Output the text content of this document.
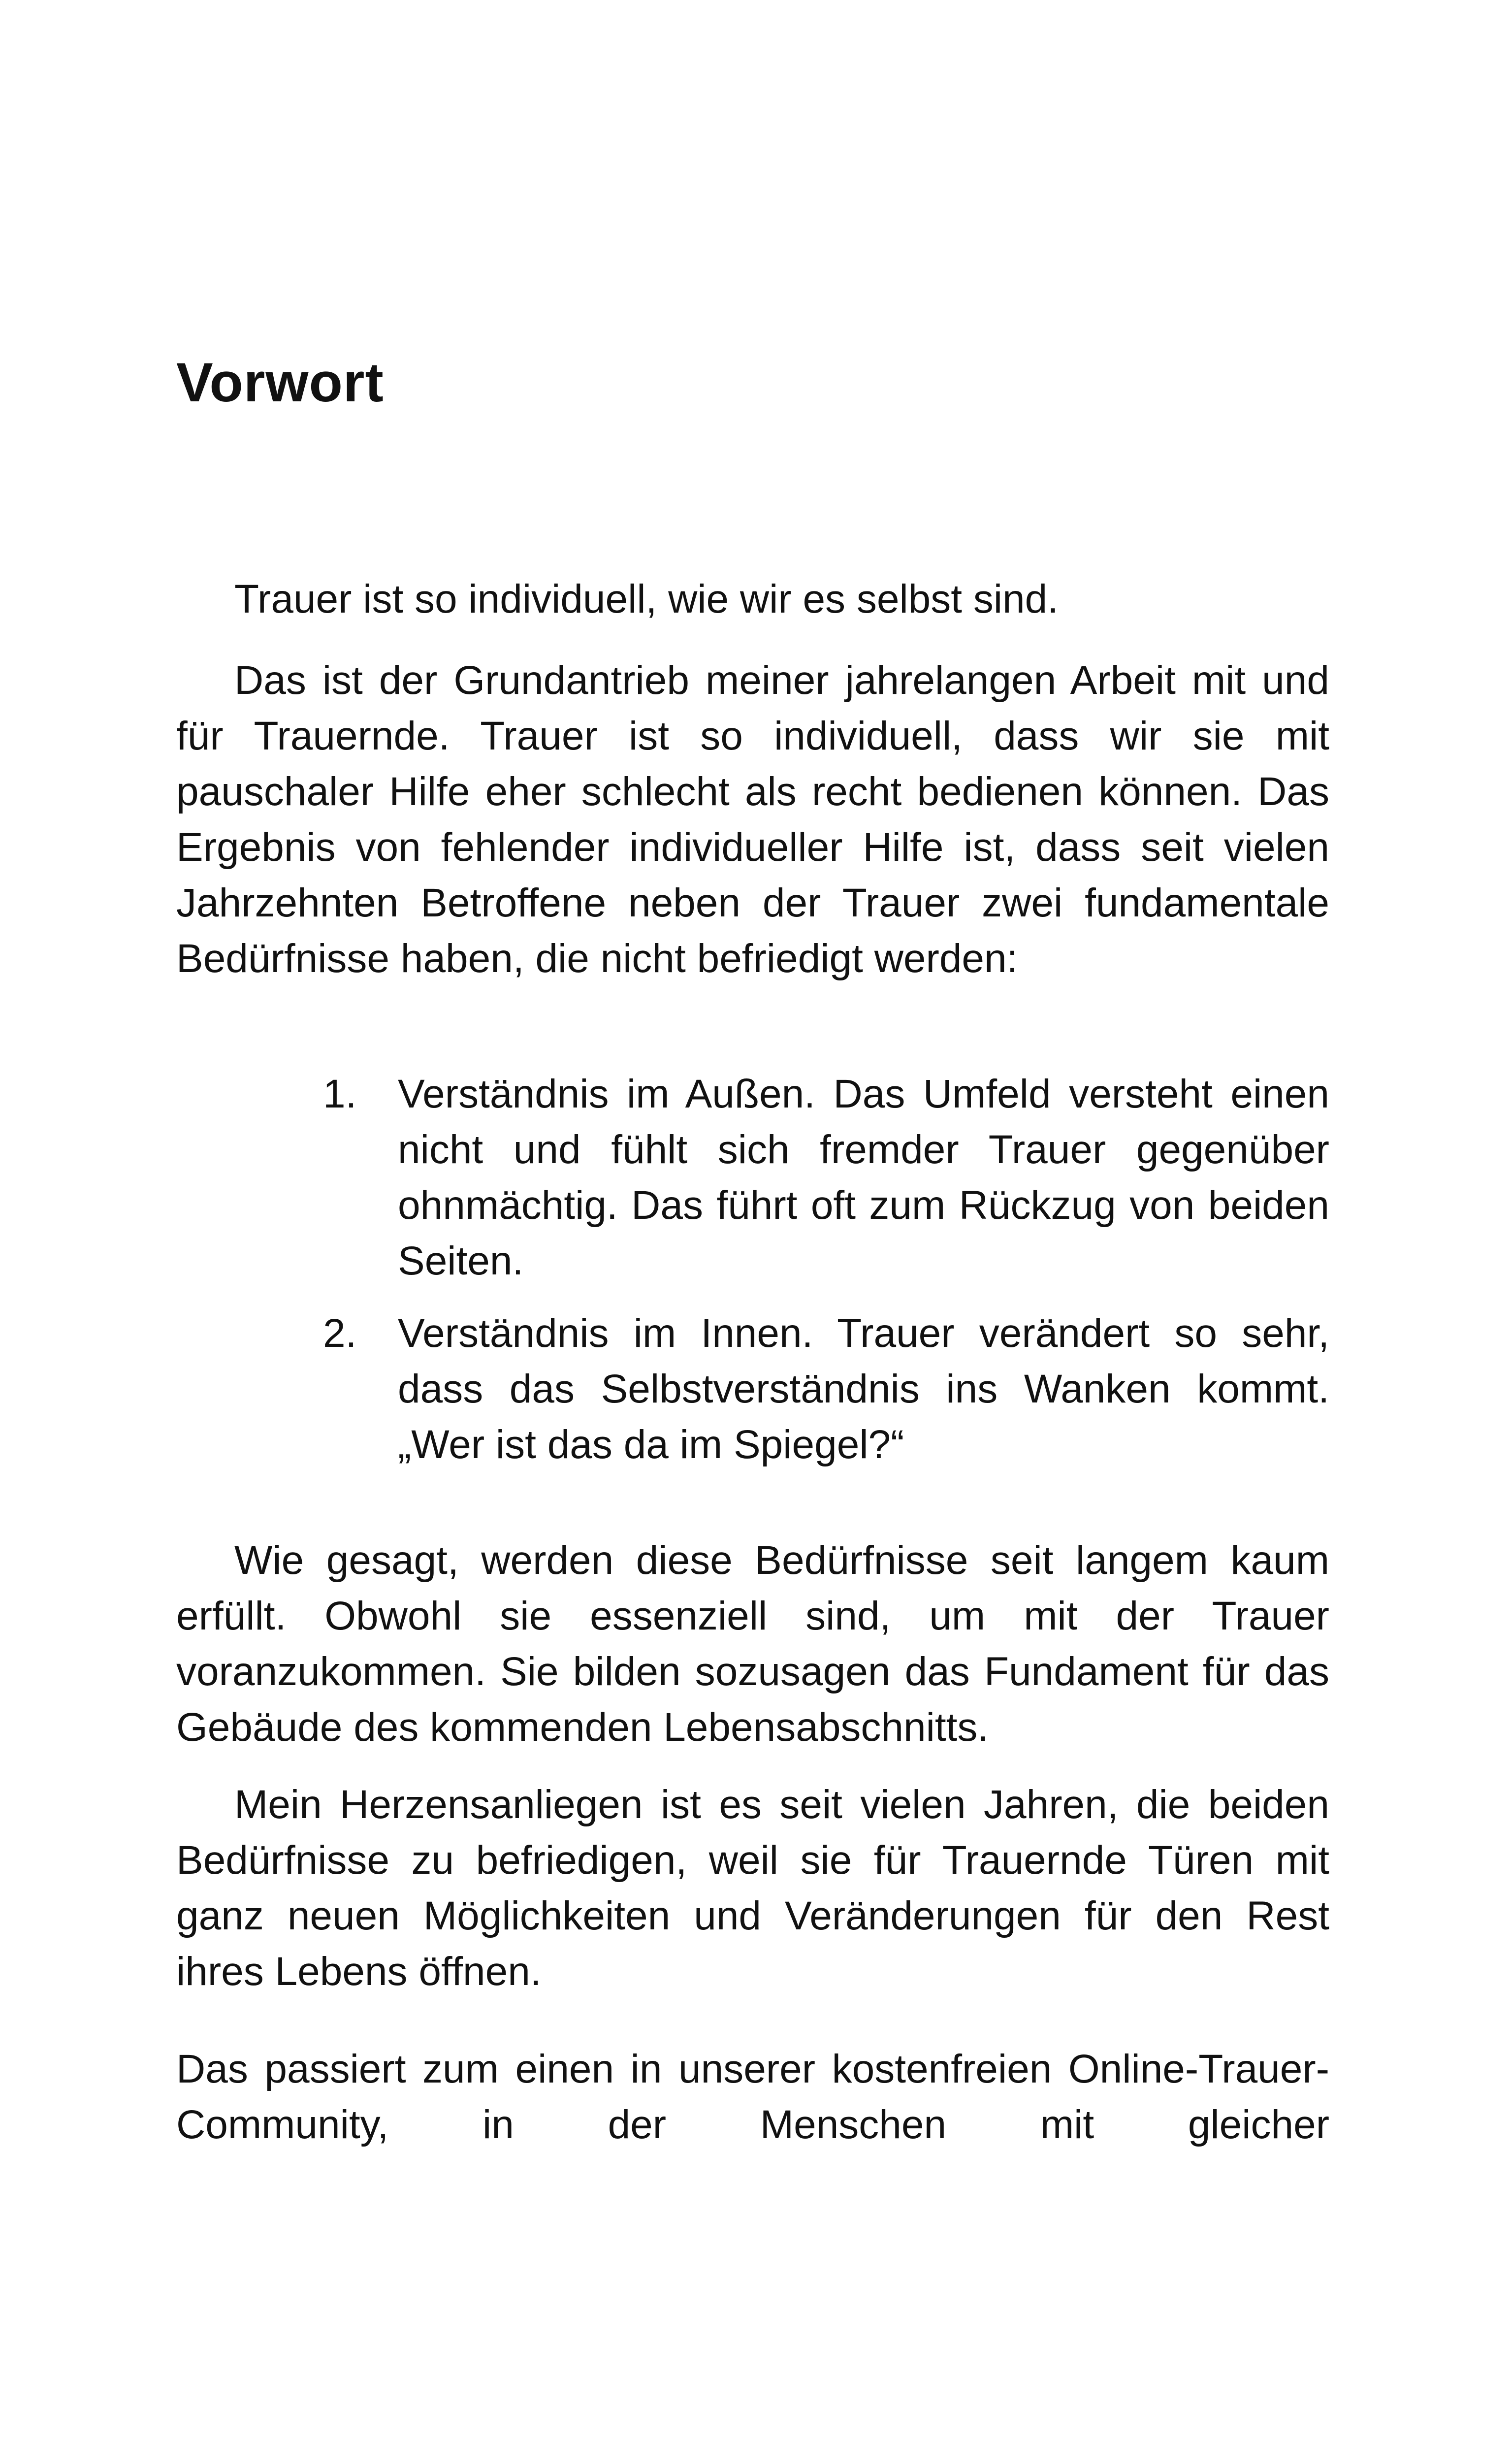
Vorwort

Trauer ist so individuell, wie wir es selbst sind.

Das ist der Grundantrieb meiner jahrelangen Arbeit mit und für Trauernde. Trauer ist so individuell, dass wir sie mit pauschaler Hilfe eher schlecht als recht bedienen können. Das Ergebnis von fehlender individueller Hilfe ist, dass seit vielen Jahrzehnten Betroffene neben der Trauer zwei fundamentale Bedürfnisse haben, die nicht befriedigt werden:

1. Verständnis im Außen. Das Umfeld versteht einen nicht und fühlt sich fremder Trauer gegenüber ohnmächtig. Das führt oft zum Rückzug von beiden Seiten.
2. Verständnis im Innen. Trauer verändert so sehr, dass das Selbstverständnis ins Wanken kommt. „Wer ist das da im Spiegel?“

Wie gesagt, werden diese Bedürfnisse seit langem kaum erfüllt. Obwohl sie essenziell sind, um mit der Trauer voranzukommen. Sie bilden sozusagen das Fundament für das Gebäude des kommenden Lebensabschnitts.

Mein Herzensanliegen ist es seit vielen Jahren, die beiden Bedürfnisse zu befriedigen, weil sie für Trauernde Türen mit ganz neuen Möglichkeiten und Veränderungen für den Rest ihres Lebens öffnen.

Das passiert zum einen in unserer kostenfreien Online-Trauer-Community, in der Menschen mit gleicher
